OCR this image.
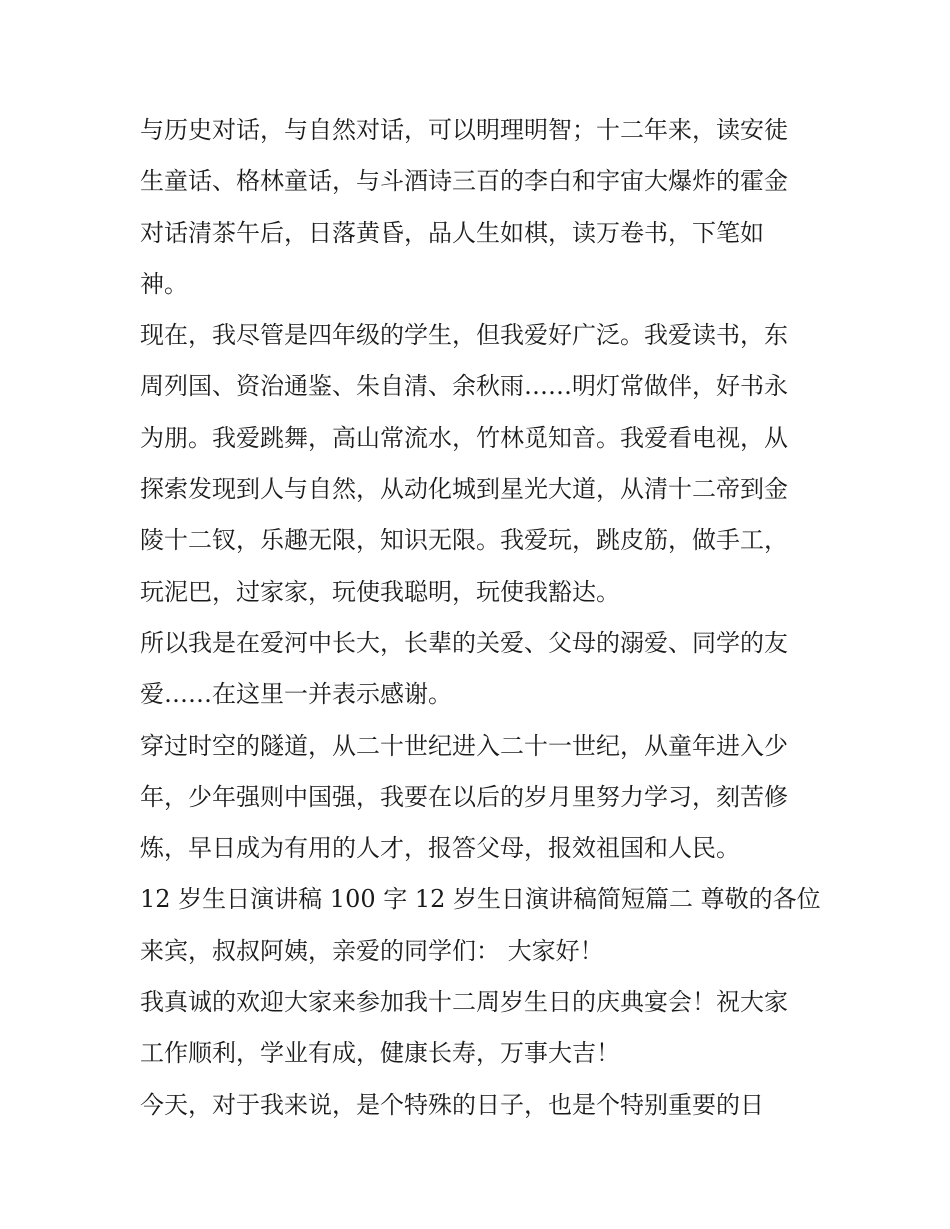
与历史对话，与自然对话，可以明理明智；十二年来，读安徒
生童话、格林童话，与斗酒诗三百的李白和宇宙大爆炸的霍金
对话清茶午后，日落黄昏，品人生如棋，读万卷书，下笔如
神。
现在，我尽管是四年级的学生，但我爱好广泛。我爱读书，东
周列国、资治通鉴、朱自清、余秋雨……明灯常做伴，好书永
为朋。我爱跳舞，高山常流水，竹林觅知音。我爱看电视，从
探索发现到人与自然，从动化城到星光大道，从清十二帝到金
陵十二钗，乐趣无限，知识无限。我爱玩，跳皮筋，做手工，
玩泥巴，过家家，玩使我聪明，玩使我豁达。
所以我是在爱河中长大，长辈的关爱、父母的溺爱、同学的友
爱……在这里一并表示感谢。
穿过时空的隧道，从二十世纪进入二十一世纪，从童年进入少
年，少年强则中国强，我要在以后的岁月里努力学习，刻苦修
炼，早日成为有用的人才，报答父母，报效祖国和人民。
12 岁生日演讲稿 100 字 12 岁生日演讲稿简短篇二 尊敬的各位
来宾，叔叔阿姨，亲爱的同学们： 大家好！
我真诚的欢迎大家来参加我十二周岁生日的庆典宴会！祝大家
工作顺利，学业有成，健康长寿，万事大吉！
今天，对于我来说，是个特殊的日子，也是个特别重要的日
